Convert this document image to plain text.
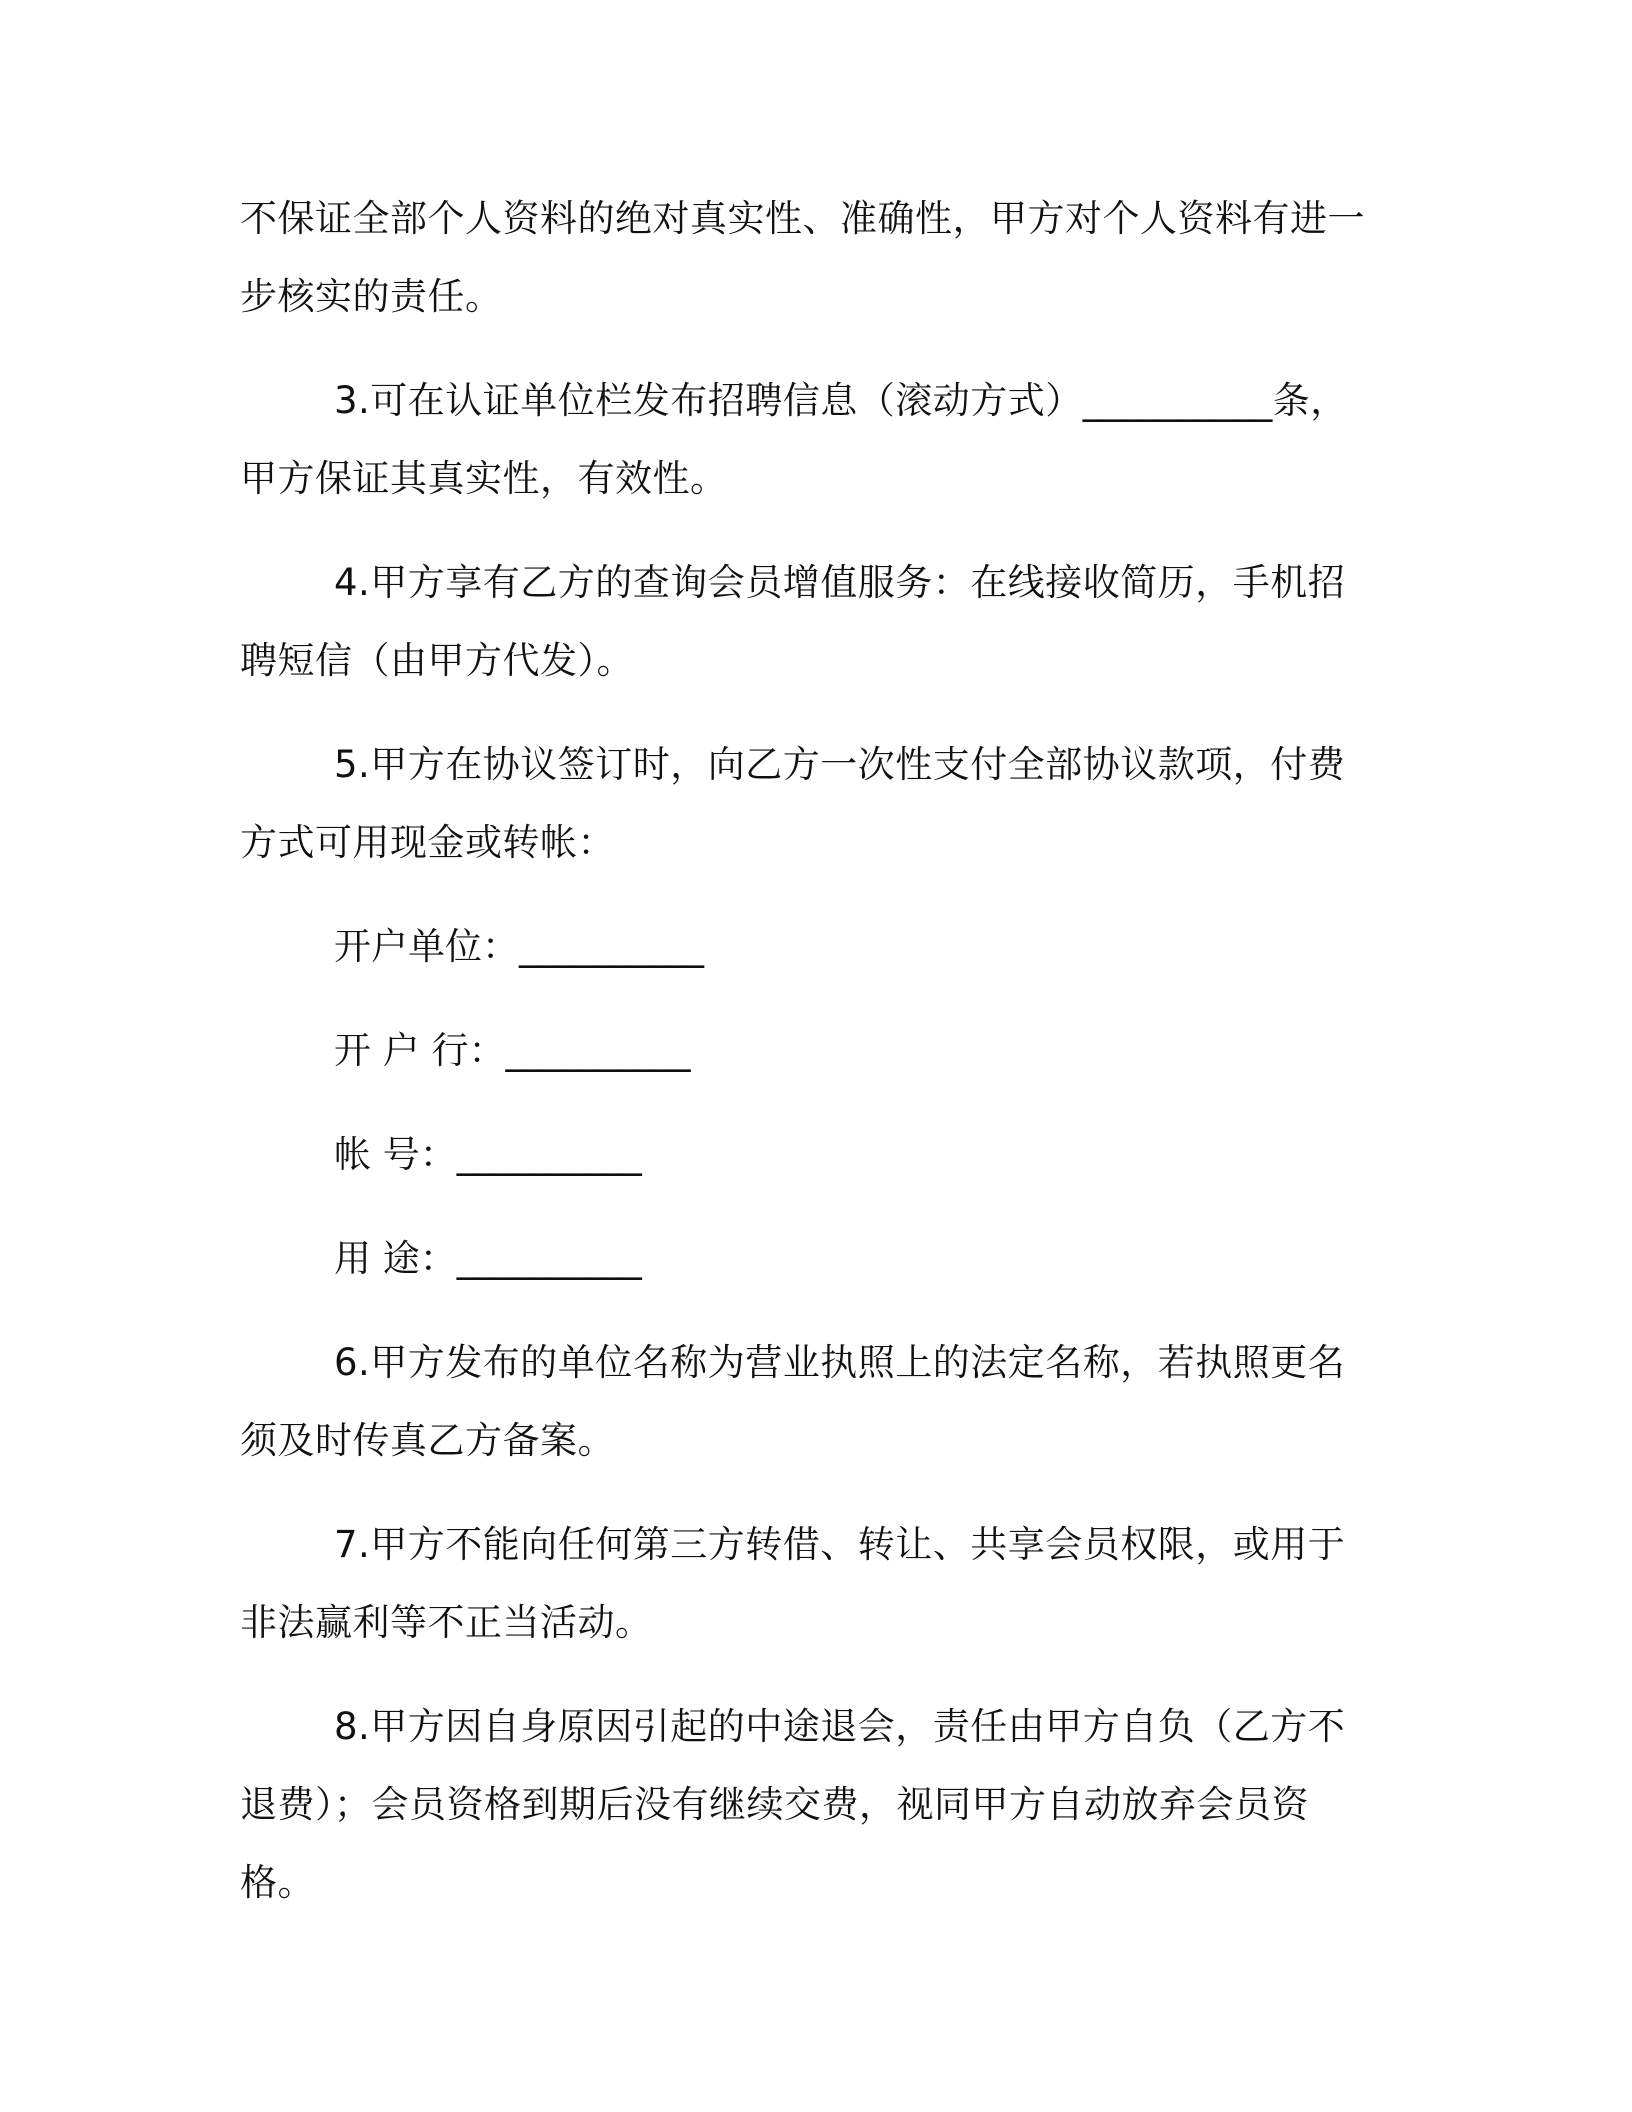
不保证全部个人资料的绝对真实性、准确性，甲方对个人资料有进一步核实的责任。

3.可在认证单位栏发布招聘信息（滚动方式）__________条，甲方保证其真实性，有效性。

4.甲方享有乙方的查询会员增值服务：在线接收简历，手机招聘短信（由甲方代发）。

5.甲方在协议签订时，向乙方一次性支付全部协议款项，付费方式可用现金或转帐：

开户单位：__________
开 户 行：__________
帐 号：__________
用 途：__________

6.甲方发布的单位名称为营业执照上的法定名称，若执照更名须及时传真乙方备案。

7.甲方不能向任何第三方转借、转让、共享会员权限，或用于非法赢利等不正当活动。

8.甲方因自身原因引起的中途退会，责任由甲方自负（乙方不退费）；会员资格到期后没有继续交费，视同甲方自动放弃会员资格。
